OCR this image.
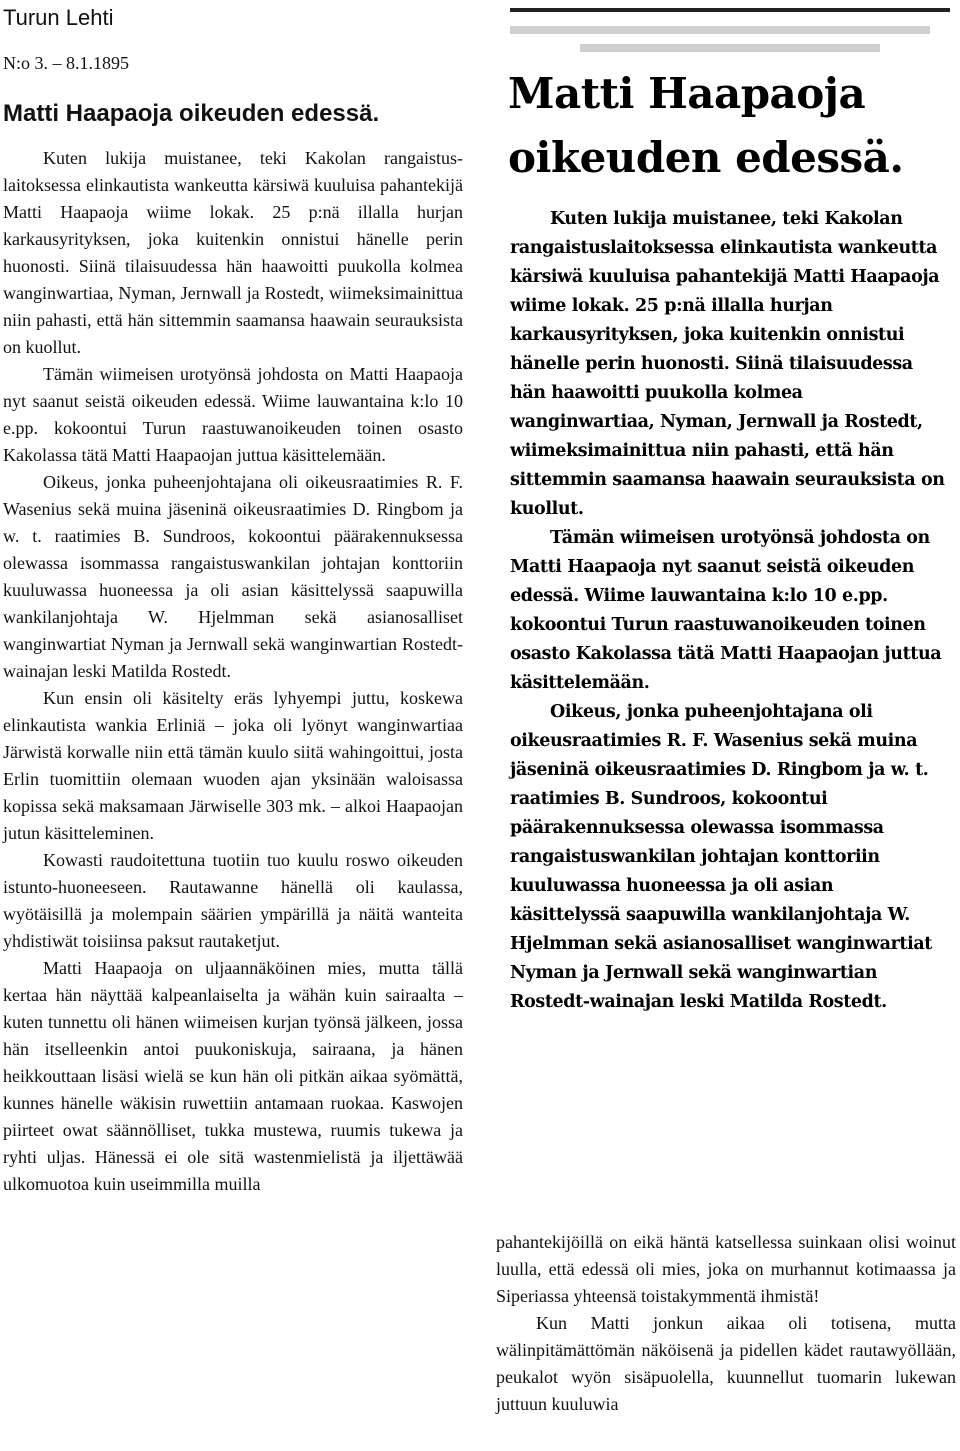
Turun Lehti
N:o 3. – 8.1.1895
Matti Haapaoja oikeuden edessä.

Kuten lukija muistanee, teki Kakolan rangaistus-laitoksessa elinkautista wankeutta kärsiwä kuuluisa pahantekijä Matti Haapaoja wiime lokak. 25 p:nä illalla hurjan karkausyrityksen, joka kuitenkin onnistui hänelle perin huonosti. Siinä tilaisuudessa hän haawoitti puukolla kolmea wanginwartiaa, Nyman, Jernwall ja Rostedt, wiimeksimainittua niin pahasti, että hän sittemmin saamansa haawain seurauksista on kuollut.

Tämän wiimeisen urotyönsä johdosta on Matti Haapaoja nyt saanut seistä oikeuden edessä. Wiime lauwantaina k:lo 10 e.pp. kokoontui Turun raastuwanoikeuden toinen osasto Kakolassa tätä Matti Haapaojan juttua käsittelemään.

Oikeus, jonka puheenjohtajana oli oikeusraatimies R. F. Wasenius sekä muina jäseninä oikeusraatimies D. Ringbom ja w. t. raatimies B. Sundroos, kokoontui päärakennuksessa olewassa isommassa rangaistuswankilan johtajan konttoriin kuuluwassa huoneessa ja oli asian käsittelyssä saapuwilla wankilanjohtaja W. Hjelmman sekä asianosalliset wanginwartiat Nyman ja Jernwall sekä wanginwartian Rostedt-wainajan leski Matilda Rostedt.

Kun ensin oli käsitelty eräs lyhyempi juttu, koskewa elinkautista wankia Erliniä – joka oli lyönyt wanginwartiaa Järwistä korwalle niin että tämän kuulo siitä wahingoittui, josta Erlin tuomittiin olemaan wuoden ajan yksinään waloisassa kopissa sekä maksamaan Järwiselle 303 mk. – alkoi Haapaojan jutun käsitteleminen.

Kowasti raudoitettuna tuotiin tuo kuulu roswo oikeuden istunto-huoneeseen. Rautawanne hänellä oli kaulassa, wyötäisillä ja molempain säärien ympärillä ja näitä wanteita yhdistiwät toisiinsa paksut rautaketjut.

Matti Haapaoja on uljaannäköinen mies, mutta tällä kertaa hän näyttää kalpeanlaiselta ja wähän kuin sairaalta – kuten tunnettu oli hänen wiimeisen kurjan työnsä jälkeen, jossa hän itselleenkin antoi puukoniskuja, sairaana, ja hänen heikkouttaan lisäsi wielä se kun hän oli pitkän aikaa syömättä, kunnes hänelle wäkisin ruwettiin antamaan ruokaa. Kaswojen piirteet owat säännölliset, tukka mustewa, ruumis tukewa ja ryhti uljas. Hänessä ei ole sitä wastenmielistä ja iljettäwää ulkomuotoa kuin useimmilla muilla

Matti Haapaoja oikeuden edessä.

Kuten lukija muistanee, teki Kakolan rangaistuslaitoksessa elinkautista wankeutta kärsiwä kuuluisa pahantekijä Matti Haapaoja wiime lokak. 25 p:nä illalla hurjan karkausyrityksen, joka kuitenkin onnistui hänelle perin huonosti. Siinä tilaisuudessa hän haawoitti puukolla kolmea wanginwartiaa, Nyman, Jernwall ja Rostedt, wiimeksimainittua niin pahasti, että hän sittemmin saamansa haawain seurauksista on kuollut.

Tämän wiimeisen urotyönsä johdosta on Matti Haapaoja nyt saanut seistä oikeuden edessä. Wiime lauwantaina k:lo 10 e.pp. kokoontui Turun raastuwanoikeuden toinen osasto Kakolassa tätä Matti Haapaojan juttua käsittelemään.

Oikeus, jonka puheenjohtajana oli oikeusraatimies R. F. Wasenius sekä muina jäseninä oikeusraatimies D. Ringbom ja w. t. raatimies B. Sundroos, kokoontui päärakennuksessa olewassa isommassa rangaistuswankilan johtajan konttoriin kuuluwassa huoneessa ja oli asian käsittelyssä saapuwilla wankilanjohtaja W. Hjelmman sekä asianosalliset wanginwartiat Nyman ja Jernwall sekä wanginwartian Rostedt-wainajan leski Matilda Rostedt.

pahantekijöillä on eikä häntä katsellessa suinkaan olisi woinut luulla, että edessä oli mies, joka on murhannut kotimaassa ja Siperiassa yhteensä toistakymmentä ihmistä!

Kun Matti jonkun aikaa oli totisena, mutta wälinpitämättömän näköisenä ja pidellen kädet rautawyöllään, peukalot wyön sisäpuolella, kuunnellut tuomarin lukewan juttuun kuuluwia
